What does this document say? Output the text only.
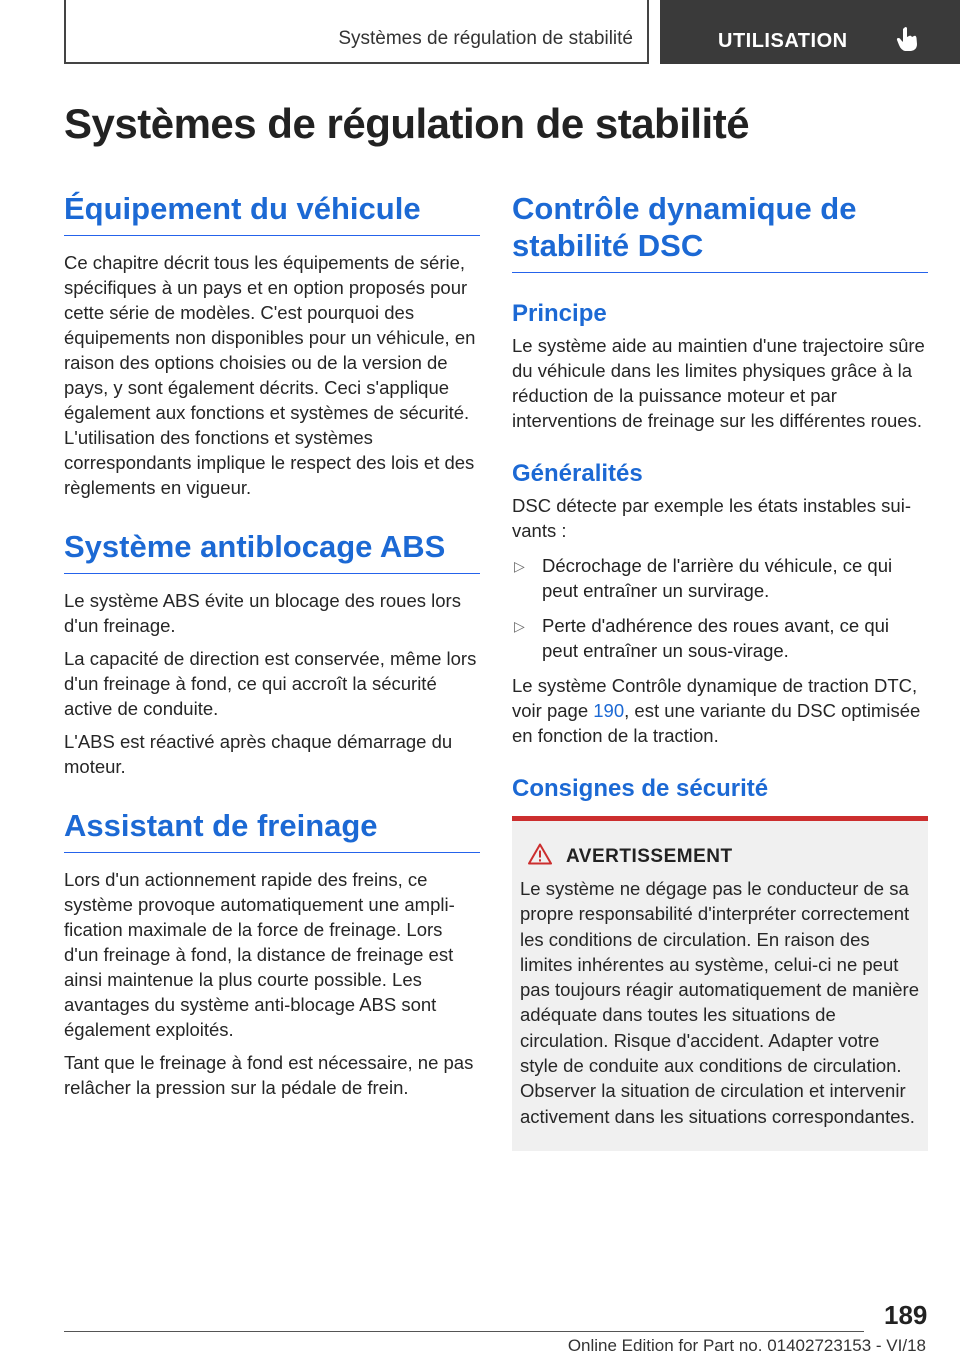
Systèmes de régulation de stabilité	UTILISATION
Systèmes de régulation de stabilité
Équipement du véhicule

Ce chapitre décrit tous les équipements de série, spécifiques à un pays et en option proposés pour cette série de modèles. C'est pourquoi des équipements non disponibles pour un véhicule, en raison des options choisies ou de la version de pays, y sont également décrits. Ceci s'applique également aux fonctions et systèmes de sécurité. L'utilisation des fonctions et systèmes correspondants implique le respect des lois et des règlements en vigueur.

Système antiblocage ABS

Le système ABS évite un blocage des roues lors d'un freinage.

La capacité de direction est conservée, même lors d'un freinage à fond, ce qui accroît la sécurité active de conduite.

L'ABS est réactivé après chaque démarrage du moteur.

Assistant de freinage

Lors d'un actionnement rapide des freins, ce système provoque automatiquement une amplification maximale de la force de freinage. Lors d'un freinage à fond, la distance de freinage est ainsi maintenue la plus courte possible. Les avantages du système anti-blocage ABS sont également exploités.

Tant que le freinage à fond est nécessaire, ne pas relâcher la pression sur la pédale de frein.

Contrôle dynamique de stabilité DSC
Principe

Le système aide au maintien d'une trajectoire sûre du véhicule dans les limites physiques grâce à la réduction de la puissance moteur et par interventions de freinage sur les différentes roues.

Généralités

DSC détecte par exemple les états instables suivants :

▷ Décrochage de l'arrière du véhicule, ce qui peut entraîner un survirage.
▷ Perte d'adhérence des roues avant, ce qui peut entraîner un sous-virage.

Le système Contrôle dynamique de traction DTC, voir page 190, est une variante du DSC optimisée en fonction de la traction.

Consignes de sécurité
AVERTISSEMENT

Le système ne dégage pas le conducteur de sa propre responsabilité d'interpréter correctement les conditions de circulation. En raison des limites inhérentes au système, celui-ci ne peut pas toujours réagir automatiquement de manière adéquate dans toutes les situations de circulation. Risque d'accident. Adapter votre style de conduite aux conditions de circulation. Observer la situation de circulation et intervenir activement dans les situations correspondantes.

189
Online Edition for Part no. 01402723153 - VI/18
